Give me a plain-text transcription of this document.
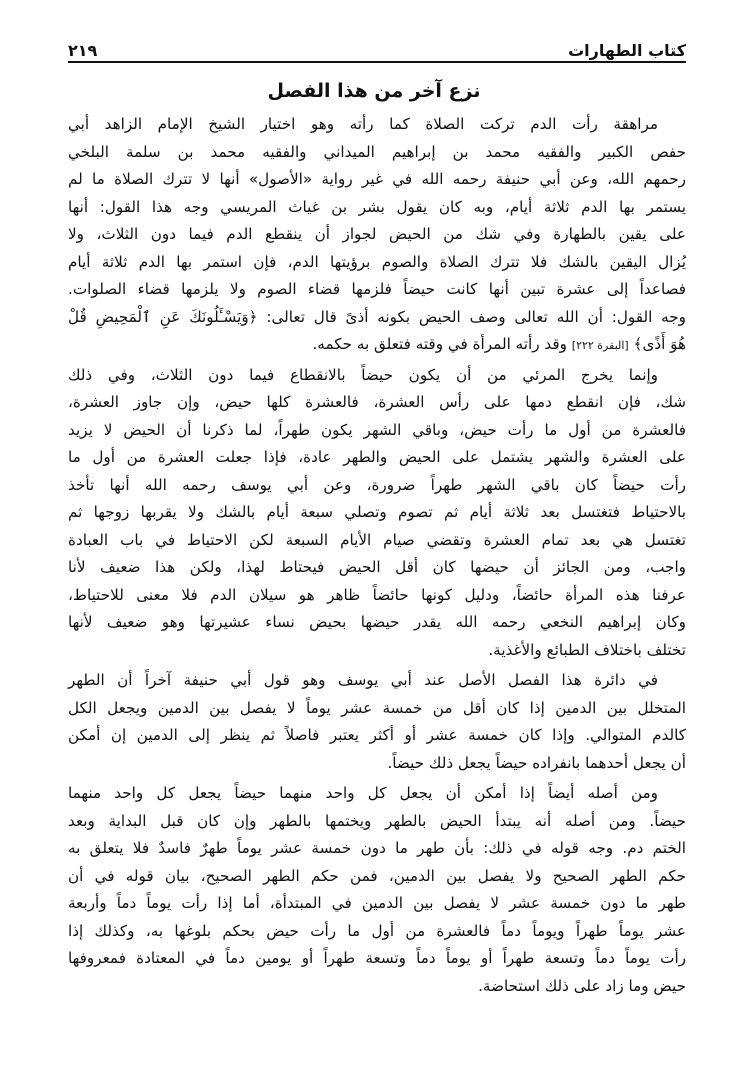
كتاب الطهارات
٢١٩
نزع آخر من هذا الفصل
مراهقة رأت الدم تركت الصلاة كما رأته وهو اختيار الشيخ الإمام الزاهد أبي
حفص الكبير والفقيه محمد بن إبراهيم الميداني والفقيه محمد بن سلمة البلخي
رحمهم الله، وعن أبي حنيفة رحمه الله في غير رواية «الأصول» أنها لا تترك الصلاة ما لم
يستمر بها الدم ثلاثة أيام، وبه كان يقول بشر بن غياث المريسي وجه هذا القول: أنها
على يقين بالطهارة وفي شك من الحيض لجواز أن ينقطع الدم فيما دون الثلاث، ولا
يُزال اليقين بالشك فلا تترك الصلاة والصوم برؤيتها الدم، فإن استمر بها الدم ثلاثة أيام
فصاعداً إلى عشرة تبين أنها كانت حيضاً فلزمها قضاء الصوم ولا يلزمها قضاء الصلوات.
وجه القول: أن الله تعالى وصف الحيض بكونه أذىً قال تعالى: ﴿وَيَسْـَٔلُونَكَ عَنِ ٱلْمَحِيضِ قُلْ
هُوَ أَذًى﴾ [البقرة ٢٢٢] وقد رأته المرأة في وقته فتعلق به حكمه.
وإنما يخرج المرئي من أن يكون حيضاً بالانقطاع فيما دون الثلاث، وفي ذلك
شك، فإن انقطع دمها على رأس العشرة، فالعشرة كلها حيض، وإن جاوز العشرة،
فالعشرة من أول ما رأت حيض، وباقي الشهر يكون طهراً، لما ذكرنا أن الحيض لا يزيد
على العشرة والشهر يشتمل على الحيض والطهر عادة، فإذا جعلت العشرة من أول ما
رأت حيضاً كان باقي الشهر طهراً ضرورة، وعن أبي يوسف رحمه الله أنها تأخذ
بالاحتياط فتغتسل بعد ثلاثة أيام ثم تصوم وتصلي سبعة أيام بالشك ولا يقربها زوجها ثم
تغتسل هي بعد تمام العشرة وتقضي صيام الأيام السبعة لكن الاحتياط في باب العبادة
واجب، ومن الجائز أن حيضها كان أقل الحيض فيحتاط لهذا، ولكن هذا ضعيف لأنا
عرفنا هذه المرأة حائضاً، ودليل كونها حائضاً ظاهر هو سيلان الدم فلا معنى للاحتياط،
وكان إبراهيم النخعي رحمه الله يقدر حيضها بحيض نساء عشيرتها وهو ضعيف لأنها
تختلف باختلاف الطبائع والأغذية.
في دائرة هذا الفصل الأصل عند أبي يوسف وهو قول أبي حنيفة آخراً أن الطهر
المتخلل بين الدمين إذا كان أقل من خمسة عشر يوماً لا يفصل بين الدمين ويجعل الكل
كالدم المتوالي. وإذا كان خمسة عشر أو أكثر يعتبر فاصلاً ثم ينظر إلى الدمين إن أمكن
أن يجعل أحدهما بانفراده حيضاً يجعل ذلك حيضاً.
ومن أصله أيضاً إذا أمكن أن يجعل كل واحد منهما حيضاً يجعل كل واحد منهما
حيضاً. ومن أصله أنه يبتدأ الحيض بالطهر ويختمها بالطهر وإن كان قبل البداية وبعد
الختم دم. وجه قوله في ذلك: بأن طهر ما دون خمسة عشر يوماً طهرٌ فاسدٌ فلا يتعلق به
حكم الطهر الصحيح ولا يفصل بين الدمين، فمن حكم الطهر الصحيح، بيان قوله في أن
طهر ما دون خمسة عشر لا يفصل بين الدمين في المبتدأة، أما إذا رأت يوماً دماً وأربعة
عشر يوماً طهراً ويوماً دماً فالعشرة من أول ما رأت حيض بحكم بلوغها به، وكذلك إذا
رأت يوماً دماً وتسعة طهراً أو يوماً دماً وتسعة طهراً أو يومين دماً في المعتادة فمعروفها
حيض وما زاد على ذلك استحاضة.
